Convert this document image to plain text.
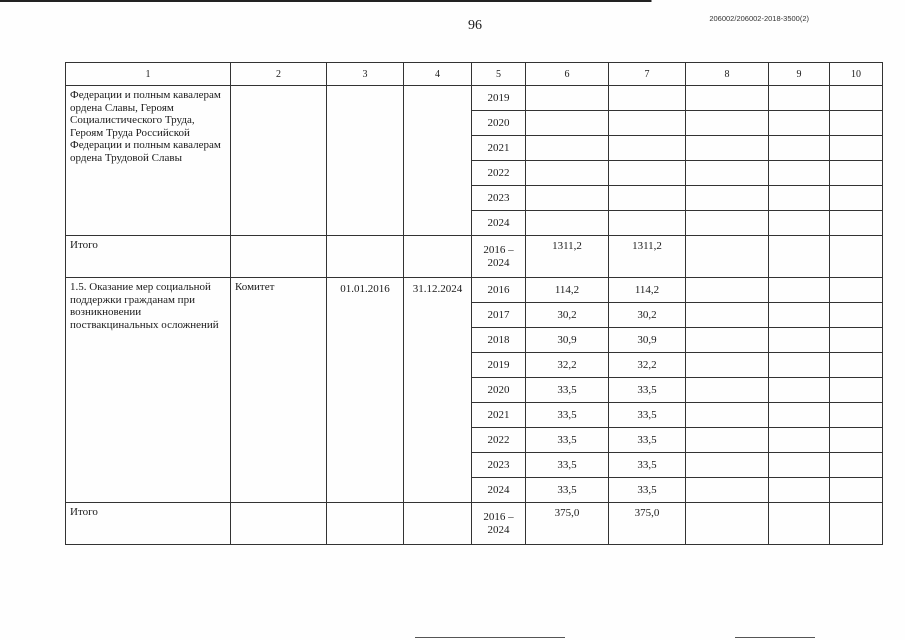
96	206002/206002-2018-3500(2)
1	2	3	4	5	6	7	8	9	10
Федерации и полным кавалерам ордена Славы, Героям Социалистического Труда, Героям Труда Российской Федерации и полным кавалерам ордена Трудовой Славы				2019					
				2020					
				2021					
				2022					
				2023					
				2024					
Итого				2016 – 2024	1311,2	1311,2			
1.5. Оказание мер социальной поддержки гражданам при возникновении поствакцинальных осложнений	Комитет	01.01.2016	31.12.2024	2016	114,2	114,2			
				2017	30,2	30,2			
				2018	30,9	30,9			
				2019	32,2	32,2			
				2020	33,5	33,5			
				2021	33,5	33,5			
				2022	33,5	33,5			
				2023	33,5	33,5			
				2024	33,5	33,5			
Итого				2016 – 2024	375,0	375,0			
